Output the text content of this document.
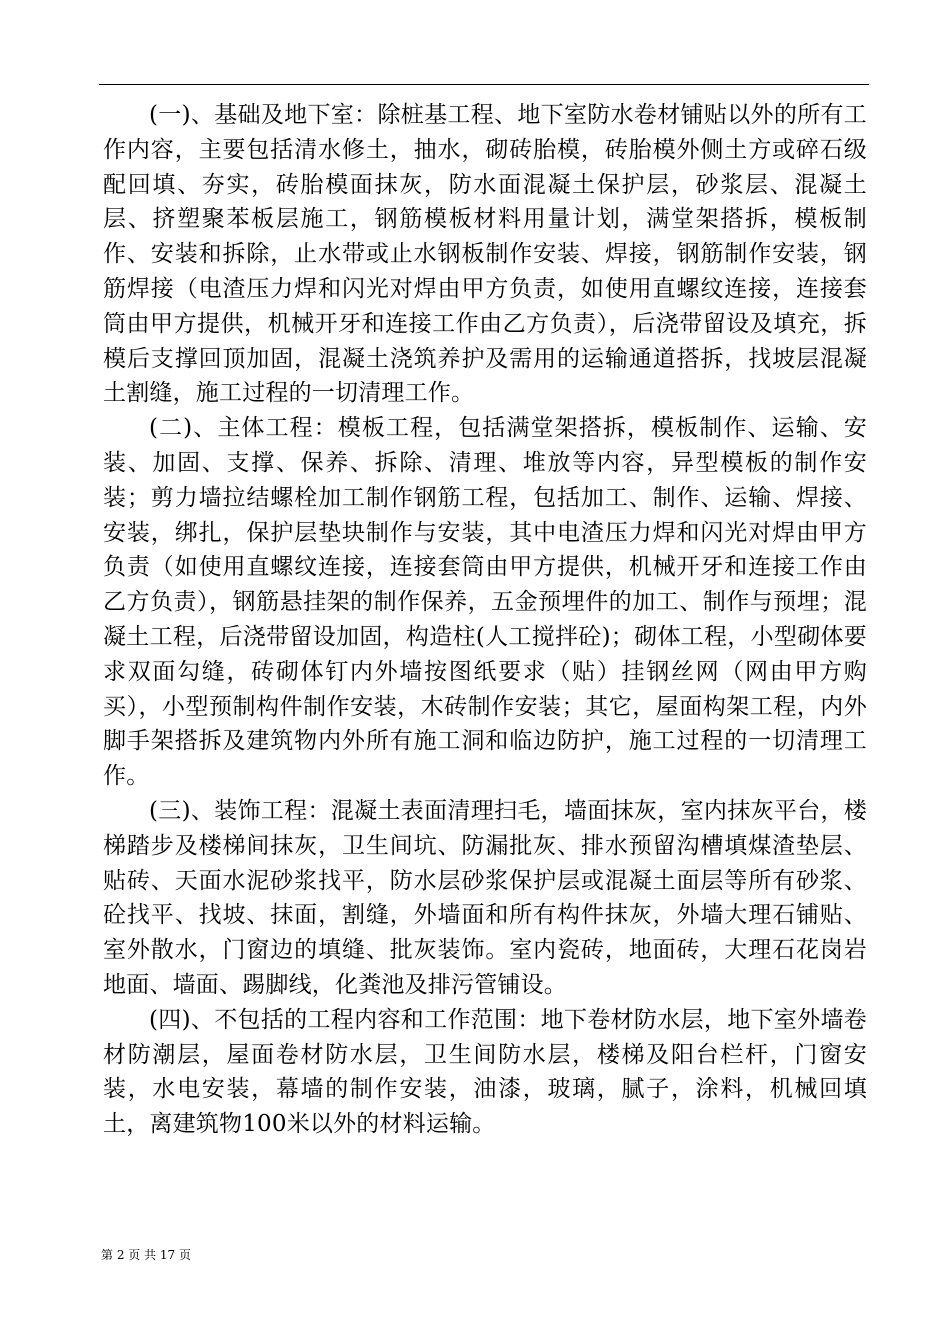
(一)、基础及地下室：除桩基工程、地下室防水卷材铺贴以外的所有工作内容，主要包括清水修土，抽水，砌砖胎模，砖胎模外侧土方或碎石级配回填、夯实，砖胎模面抹灰，防水面混凝土保护层，砂浆层、混凝土层、挤塑聚苯板层施工，钢筋模板材料用量计划，满堂架搭拆，模板制作、安装和拆除，止水带或止水钢板制作安装、焊接，钢筋制作安装，钢筋焊接（电渣压力焊和闪光对焊由甲方负责，如使用直螺纹连接，连接套筒由甲方提供，机械开牙和连接工作由乙方负责），后浇带留设及填充，拆模后支撑回顶加固，混凝土浇筑养护及需用的运输通道搭拆，找坡层混凝土割缝，施工过程的一切清理工作。

(二)、主体工程：模板工程，包括满堂架搭拆，模板制作、运输、安装、加固、支撑、保养、拆除、清理、堆放等内容，异型模板的制作安装；剪力墙拉结螺栓加工制作钢筋工程，包括加工、制作、运输、焊接、安装，绑扎，保护层垫块制作与安装，其中电渣压力焊和闪光对焊由甲方负责（如使用直螺纹连接，连接套筒由甲方提供，机械开牙和连接工作由乙方负责），钢筋悬挂架的制作保养，五金预埋件的加工、制作与预埋；混凝土工程，后浇带留设加固，构造柱(人工搅拌砼)；砌体工程，小型砌体要求双面勾缝，砖砌体钉内外墙按图纸要求（贴）挂钢丝网（网由甲方购买），小型预制构件制作安装，木砖制作安装；其它，屋面构架工程，内外脚手架搭拆及建筑物内外所有施工洞和临边防护，施工过程的一切清理工作。

(三)、装饰工程：混凝土表面清理扫毛，墙面抹灰，室内抹灰平台，楼梯踏步及楼梯间抹灰，卫生间坑、防漏批灰、排水预留沟槽填煤渣垫层、贴砖、天面水泥砂浆找平，防水层砂浆保护层或混凝土面层等所有砂浆、砼找平、找坡、抹面，割缝，外墙面和所有构件抹灰，外墙大理石铺贴、室外散水，门窗边的填缝、批灰装饰。室内瓷砖，地面砖，大理石花岗岩地面、墙面、踢脚线，化粪池及排污管铺设。

(四)、不包括的工程内容和工作范围：地下卷材防水层，地下室外墙卷材防潮层，屋面卷材防水层，卫生间防水层，楼梯及阳台栏杆，门窗安装，水电安装，幕墙的制作安装，油漆，玻璃，腻子，涂料，机械回填土，离建筑物100米以外的材料运输。

第 2 页 共 17 页
